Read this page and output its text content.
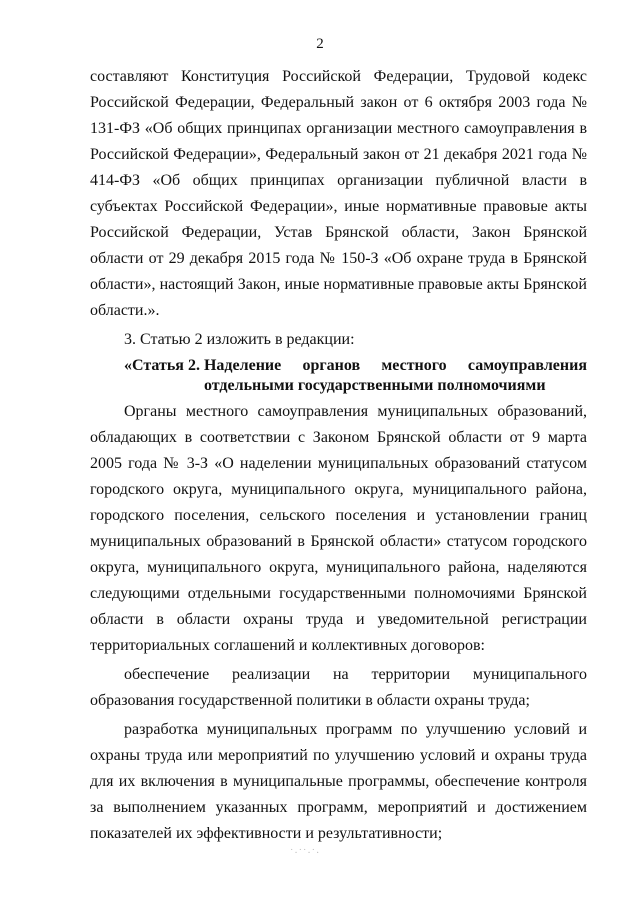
2

составляют Конституция Российской Федерации, Трудовой кодекс Российской Федерации, Федеральный закон от 6 октября 2003 года № 131-ФЗ «Об общих принципах организации местного самоуправления в Российской Федерации», Федеральный закон от 21 декабря 2021 года № 414-ФЗ «Об общих принципах организации публичной власти в субъектах Российской Федерации», иные нормативные правовые акты Российской Федерации, Устав Брянской области, Закон Брянской области от 29 декабря 2015 года № 150-З «Об охране труда в Брянской области», настоящий Закон, иные нормативные правовые акты Брянской области.».

3. Статью 2 изложить в редакции:

«Статья 2. Наделение органов местного самоуправления
отдельными государственными полномочиями

Органы местного самоуправления муниципальных образований, обладающих в соответствии с Законом Брянской области от 9 марта 2005 года № 3-З «О наделении муниципальных образований статусом городского округа, муниципального округа, муниципального района, городского поселения, сельского поселения и установлении границ муниципальных образований в Брянской области» статусом городского округа, муниципального округа, муниципального района, наделяются следующими отдельными государственными полномочиями Брянской области в области охраны труда и уведомительной регистрации территориальных соглашений и коллективных договоров:

обеспечение реализации на территории муниципального образования государственной политики в области охраны труда;

разработка муниципальных программ по улучшению условий и охраны труда или мероприятий по улучшению условий и охраны труда для их включения в муниципальные программы, обеспечение контроля за выполнением указанных программ, мероприятий и достижением показателей их эффективности и результативности;

˙·˙˙·˙·
